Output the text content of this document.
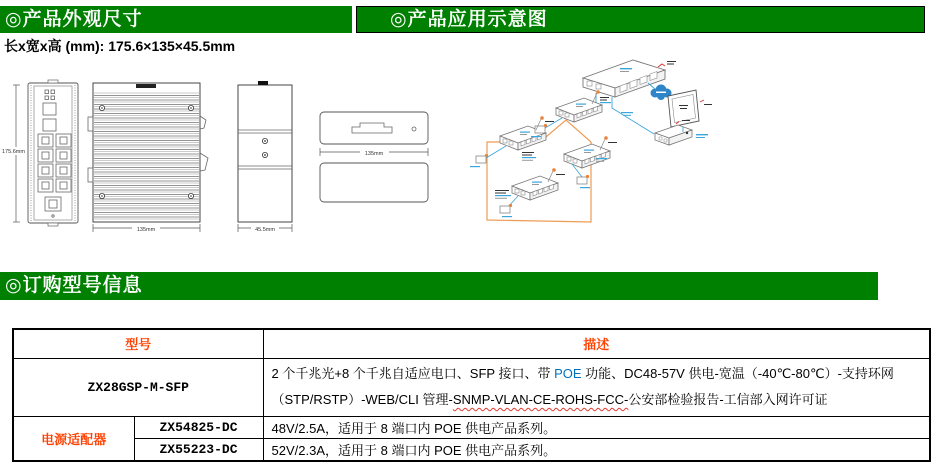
◎产品外观尺寸	◎产品应用示意图
长x宽x高 (mm): 175.6×135×45.5mm
175.6mm
135mm	45.5mm
135mm
◎订购型号信息
型号		描述
ZX28GSP-M-SFP		2 个千兆光+8 个千兆自适应电口、SFP 接口、带 POE 功能、DC48-57V 供电-宽温（-40℃-80℃）-支持环网
（STP/RSTP）-WEB/CLI 管理-SNMP-VLAN-CE-ROHS-FCC-公安部检验报告-工信部入网许可证

电源适配器	ZX54825-DC	48V/2.5A，适用于 8 端口内 POE 供电产品系列。
	ZX55223-DC	52V/2.3A，适用于 8 端口内 POE 供电产品系列。
